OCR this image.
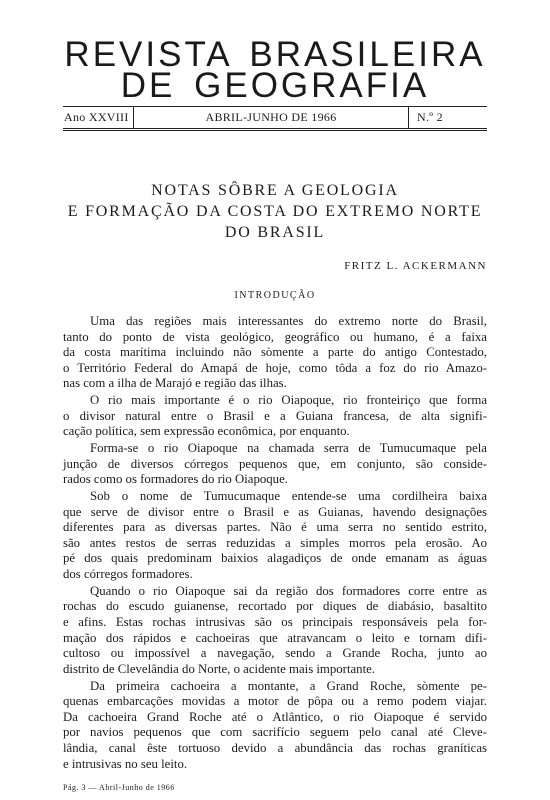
REVISTA BRASILEIRA
DE GEOGRAFIA
Ano XXVIII	ABRIL-JUNHO DE 1966	N.º 2
NOTAS SÔBRE A GEOLOGIA
E FORMAÇÃO DA COSTA DO EXTREMO NORTE
DO BRASIL
FRITZ L. ACKERMANN
INTRODUÇÃO
Uma das regiões mais interessantes do extremo norte do Brasil,
tanto do ponto de vista geológico, geográfico ou humano, é a faixa
da costa marítima incluindo não sòmente a parte do antigo Contestado,
o Território Federal do Amapá de hoje, como tôda a foz do rio Amazo-
nas com a ilha de Marajó e região das ilhas.
O rio mais importante é o rio Oiapoque, rio fronteiriço que forma
o divisor natural entre o Brasil e a Guiana francesa, de alta signifi-
cação política, sem expressão econômica, por enquanto.
Forma-se o rio Oiapoque na chamada serra de Tumucumaque pela
junção de diversos córregos pequenos que, em conjunto, são conside-
rados como os formadores do rio Oiapoque.
Sob o nome de Tumucumaque entende-se uma cordilheira baixa
que serve de divisor entre o Brasil e as Guianas, havendo designações
diferentes para as diversas partes. Não é uma serra no sentido estrito,
são antes restos de serras reduzidas a simples morros pela erosão. Ao
pé dos quais predominam baixios alagadiços de onde emanam as águas
dos córregos formadores.
Quando o rio Oiapoque sai da região dos formadores corre entre as
rochas do escudo guianense, recortado por diques de diabásio, basaltito
e afins. Estas rochas intrusivas são os principais responsáveis pela for-
mação dos rápidos e cachoeiras que atravancam o leito e tornam difi-
cultoso ou impossível a navegação, sendo a Grande Rocha, junto ao
distrito de Clevelândia do Norte, o acidente mais importante.
Da primeira cachoeira a montante, a Grand Roche, sòmente pe-
quenas embarcações movidas a motor de pôpa ou a remo podem viajar.
Da cachoeira Grand Roche até o Atlântico, o rio Oiapoque é servido
por navios pequenos que com sacrifício seguem pelo canal até Cleve-
lândia, canal êste tortuoso devido a abundância das rochas graníticas
e intrusivas no seu leito.
Pág. 3 — Abril-Junho de 1966
